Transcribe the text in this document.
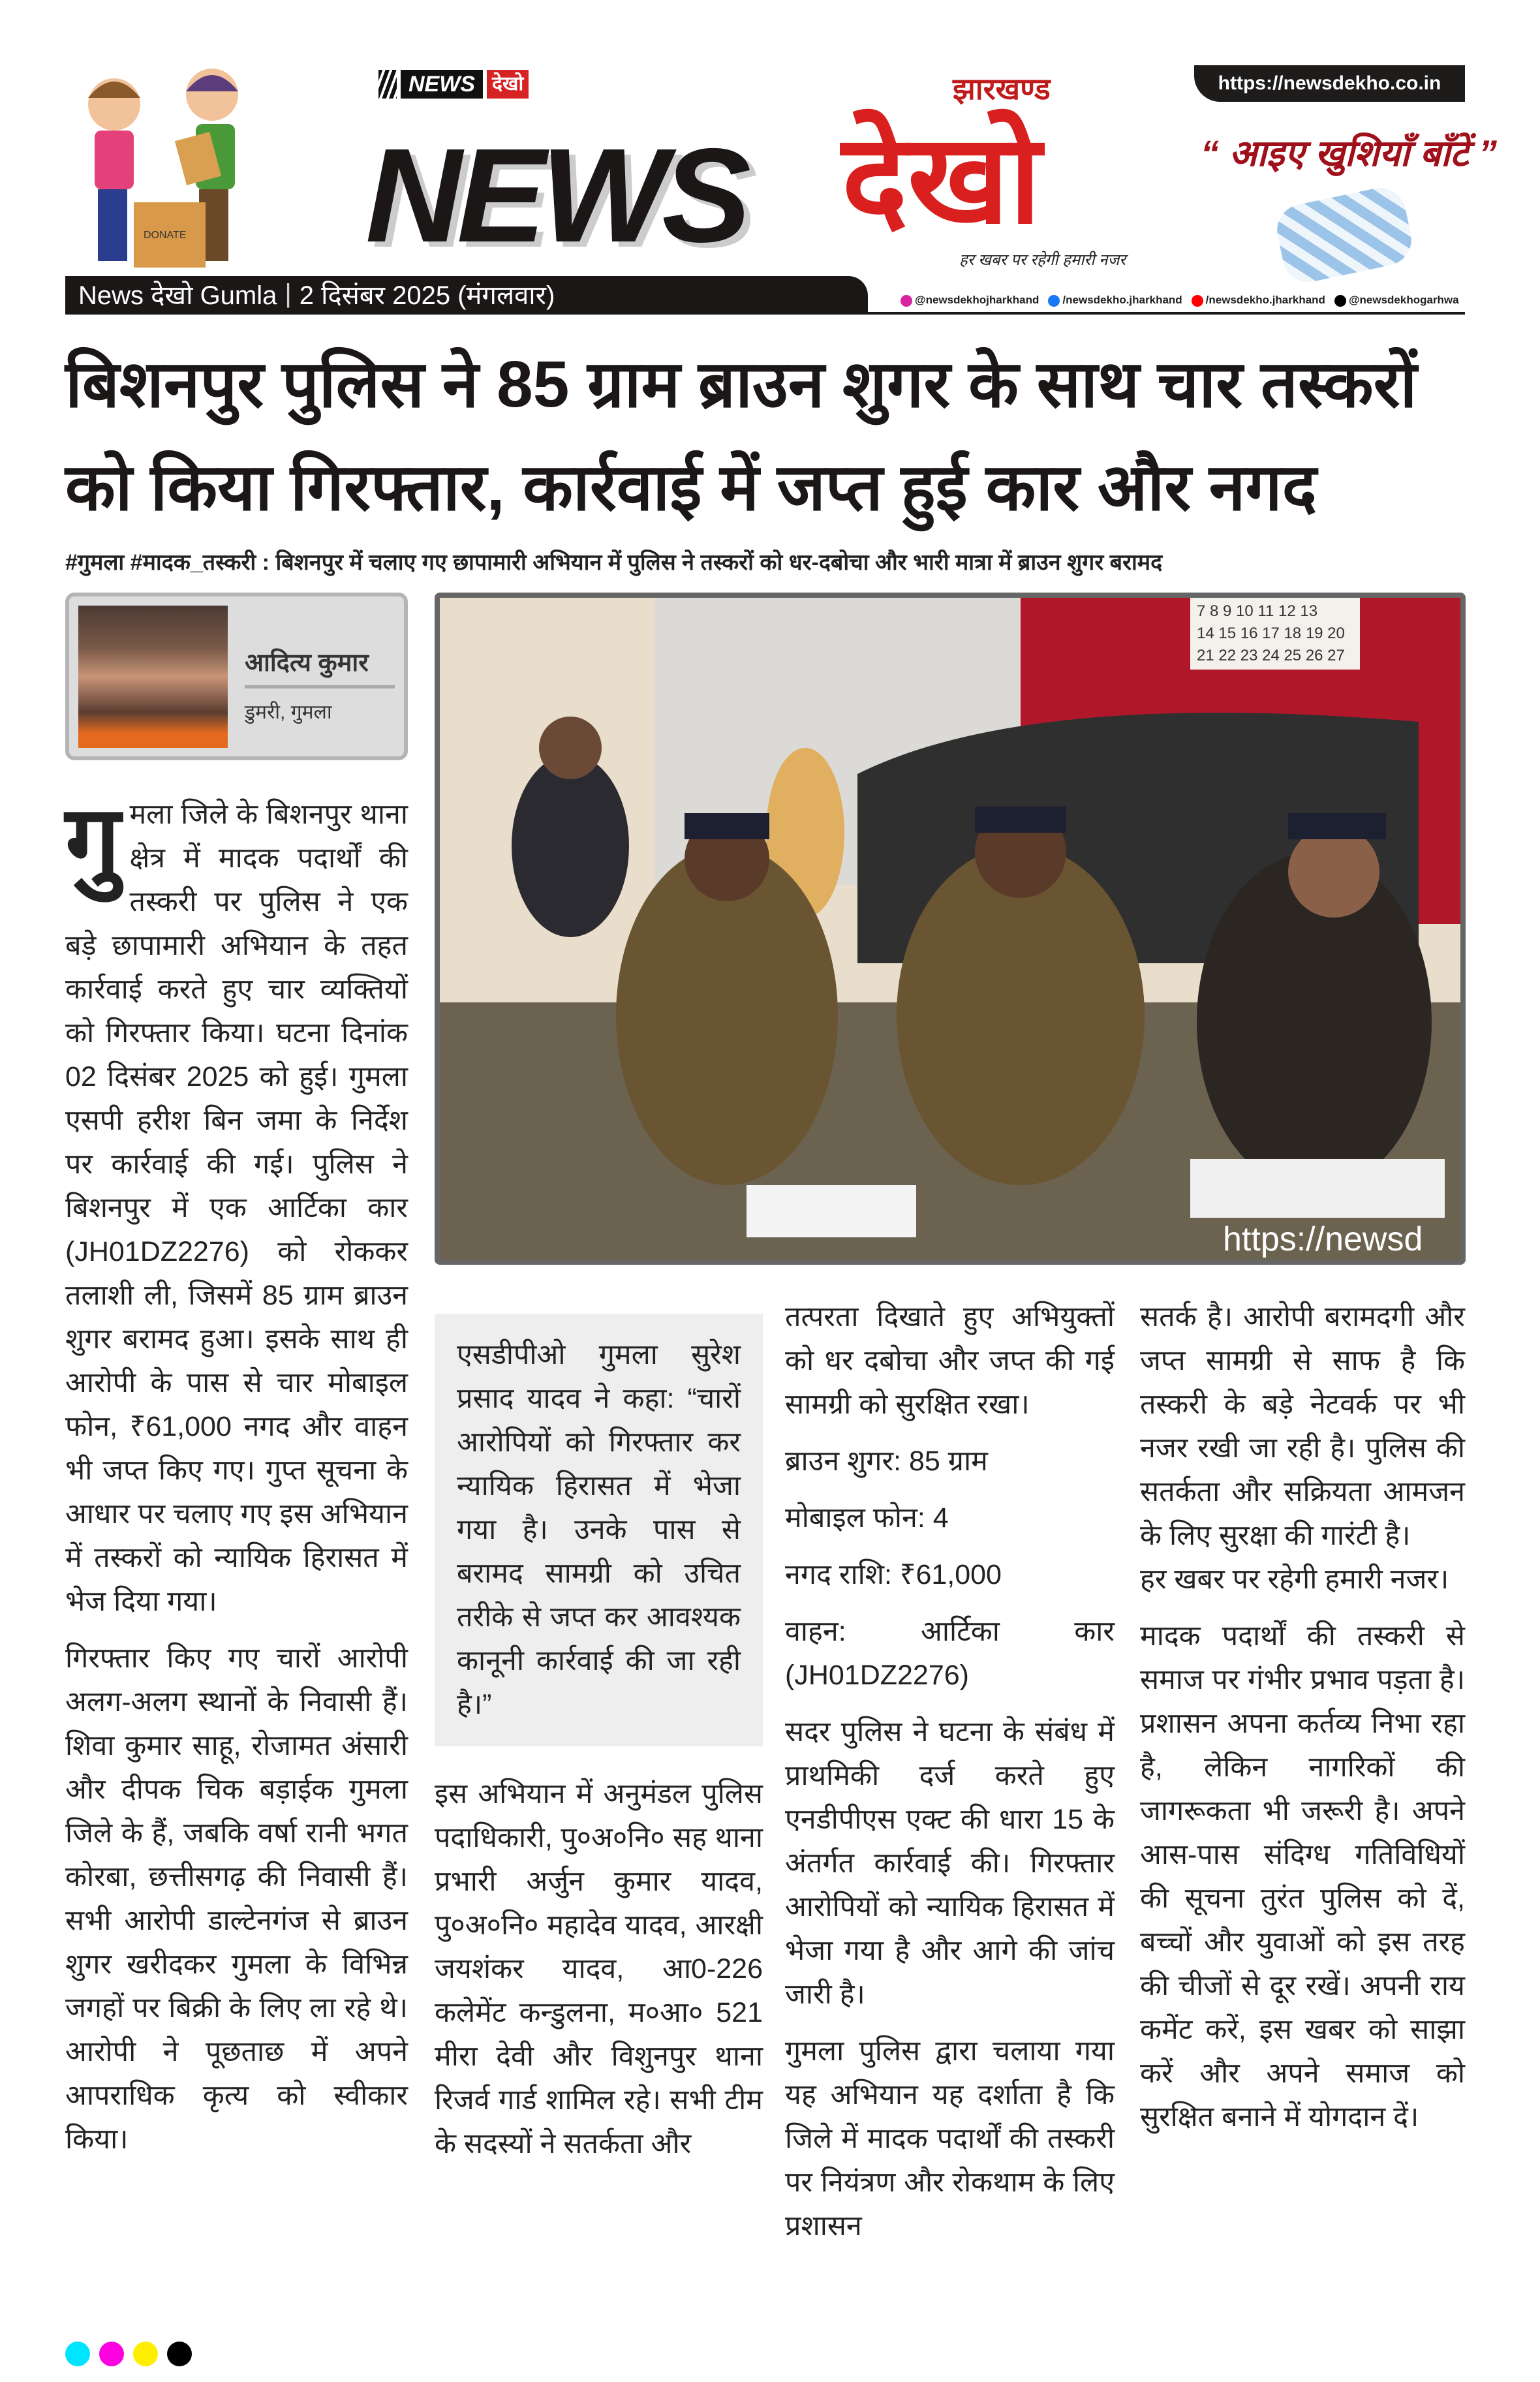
DONATE
https://newsdekho.co.in
NEWS देखो
NEWS
झारखण्ड
देखो
हर खबर पर रहेगी हमारी नजर
“ आइए खुशियाँ बाँटें ”
News देखो Gumla | 2 दिसंबर 2025 (मंगलवार)	@newsdekhojharkhand	/newsdekho.jharkhand	/newsdekho.jharkhand	@newsdekhogarhwa
बिशनपुर पुलिस ने 85 ग्राम ब्राउन शुगर के साथ चार तस्करों
को किया गिरफ्तार, कार्रवाई में जप्त हुई कार और नगद
#गुमला #मादक_तस्करी : बिशनपुर में चलाए गए छापामारी अभियान में पुलिस ने तस्करों को धर-दबोचा और भारी मात्रा में ब्राउन शुगर बरामद
आदित्य कुमार
डुमरी, गुमला
7 8 9 10 11 12 13
14 15 16 17 18 19 20
21 22 23 24 25 26 27
https://newsd

गुमला जिले के बिशनपुर थाना क्षेत्र में मादक पदार्थों की तस्करी पर पुलिस ने एक बड़े छापामारी अभियान के तहत कार्रवाई करते हुए चार व्यक्तियों को गिरफ्तार किया। घटना दिनांक 02 दिसंबर 2025 को हुई। गुमला एसपी हरीश बिन जमा के निर्देश पर कार्रवाई की गई। पुलिस ने बिशनपुर में एक आर्टिका कार (JH01DZ2276) को रोककर तलाशी ली, जिसमें 85 ग्राम ब्राउन शुगर बरामद हुआ। इसके साथ ही आरोपी के पास से चार मोबाइल फोन, ₹61,000 नगद और वाहन भी जप्त किए गए। गुप्त सूचना के आधार पर चलाए गए इस अभियान में तस्करों को न्यायिक हिरासत में भेज दिया गया।

गिरफ्तार किए गए चारों आरोपी अलग-अलग स्थानों के निवासी हैं। शिवा कुमार साहू, रोजामत अंसारी और दीपक चिक बड़ाईक गुमला जिले के हैं, जबकि वर्षा रानी भगत कोरबा, छत्तीसगढ़ की निवासी हैं। सभी आरोपी डाल्टेनगंज से ब्राउन शुगर खरीदकर गुमला के विभिन्न जगहों पर बिक्री के लिए ला रहे थे। आरोपी ने पूछताछ में अपने आपराधिक कृत्य को स्वीकार किया।

एसडीपीओ गुमला सुरेश प्रसाद यादव ने कहा: “चारों आरोपियों को गिरफ्तार कर न्यायिक हिरासत में भेजा गया है। उनके पास से बरामद सामग्री को उचित तरीके से जप्त कर आवश्यक कानूनी कार्रवाई की जा रही है।”

इस अभियान में अनुमंडल पुलिस पदाधिकारी, पु०अ०नि० सह थाना प्रभारी अर्जुन कुमार यादव, पु०अ०नि० महादेव यादव, आरक्षी जयशंकर यादव, आ0-226 कलेमेंट कन्डुलना, म०आ० 521 मीरा देवी और विशुनपुर थाना रिजर्व गार्ड शामिल रहे। सभी टीम के सदस्यों ने सतर्कता और

तत्परता दिखाते हुए अभियुक्तों को धर दबोचा और जप्त की गई सामग्री को सुरक्षित रखा।

ब्राउन शुगर: 85 ग्राम

मोबाइल फोन: 4

नगद राशि: ₹61,000

वाहन: आर्टिका कार (JH01DZ2276)

सदर पुलिस ने घटना के संबंध में प्राथमिकी दर्ज करते हुए एनडीपीएस एक्ट की धारा 15 के अंतर्गत कार्रवाई की। गिरफ्तार आरोपियों को न्यायिक हिरासत में भेजा गया है और आगे की जांच जारी है।

गुमला पुलिस द्वारा चलाया गया यह अभियान यह दर्शाता है कि जिले में मादक पदार्थों की तस्करी पर नियंत्रण और रोकथाम के लिए प्रशासन

सतर्क है। आरोपी बरामदगी और जप्त सामग्री से साफ है कि तस्करी के बड़े नेटवर्क पर भी नजर रखी जा रही है। पुलिस की सतर्कता और सक्रियता आमजन के लिए सुरक्षा की गारंटी है।

हर खबर पर रहेगी हमारी नजर।

मादक पदार्थों की तस्करी से समाज पर गंभीर प्रभाव पड़ता है। प्रशासन अपना कर्तव्य निभा रहा है, लेकिन नागरिकों की जागरूकता भी जरूरी है। अपने आस-पास संदिग्ध गतिविधियों की सूचना तुरंत पुलिस को दें, बच्चों और युवाओं को इस तरह की चीजों से दूर रखें। अपनी राय कमेंट करें, इस खबर को साझा करें और अपने समाज को सुरक्षित बनाने में योगदान दें।
